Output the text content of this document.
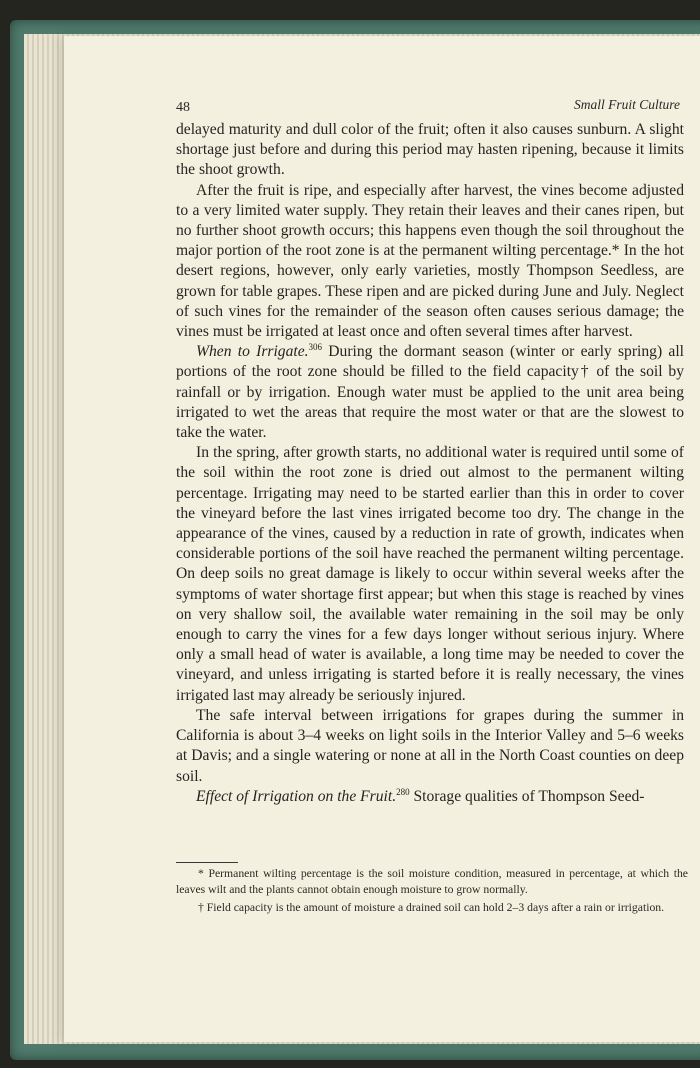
48	Small Fruit Culture

delayed maturity and dull color of the fruit; often it also causes sunburn. A slight shortage just before and during this period may hasten ripening, because it limits the shoot growth.

After the fruit is ripe, and especially after harvest, the vines become adjusted to a very limited water supply. They retain their leaves and their canes ripen, but no further shoot growth occurs; this happens even though the soil throughout the major portion of the root zone is at the permanent wilting percentage.* In the hot desert regions, however, only early varieties, mostly Thompson Seedless, are grown for table grapes. These ripen and are picked during June and July. Neglect of such vines for the remainder of the season often causes serious damage; the vines must be irrigated at least once and often several times after harvest.

When to Irrigate.$^{306}$ During the dormant season (winter or early spring) all portions of the root zone should be filled to the field capacity† of the soil by rainfall or by irrigation. Enough water must be applied to the unit area being irrigated to wet the areas that require the most water or that are the slowest to take the water.

In the spring, after growth starts, no additional water is required until some of the soil within the root zone is dried out almost to the permanent wilting percentage. Irrigating may need to be started earlier than this in order to cover the vineyard before the last vines irrigated become too dry. The change in the appearance of the vines, caused by a reduction in rate of growth, indicates when considerable portions of the soil have reached the permanent wilting percentage. On deep soils no great damage is likely to occur within several weeks after the symptoms of water shortage first appear; but when this stage is reached by vines on very shallow soil, the available water remaining in the soil may be only enough to carry the vines for a few days longer without serious injury. Where only a small head of water is available, a long time may be needed to cover the vineyard, and unless irrigating is started before it is really necessary, the vines irrigated last may already be seriously injured.

The safe interval between irrigations for grapes during the summer in California is about 3–4 weeks on light soils in the Interior Valley and 5–6 weeks at Davis; and a single watering or none at all in the North Coast counties on deep soil.

Effect of Irrigation on the Fruit.$^{280}$ Storage qualities of Thompson Seed-

* Permanent wilting percentage is the soil moisture condition, measured in percentage, at which the leaves wilt and the plants cannot obtain enough moisture to grow normally.

† Field capacity is the amount of moisture a drained soil can hold 2–3 days after a rain or irrigation.
